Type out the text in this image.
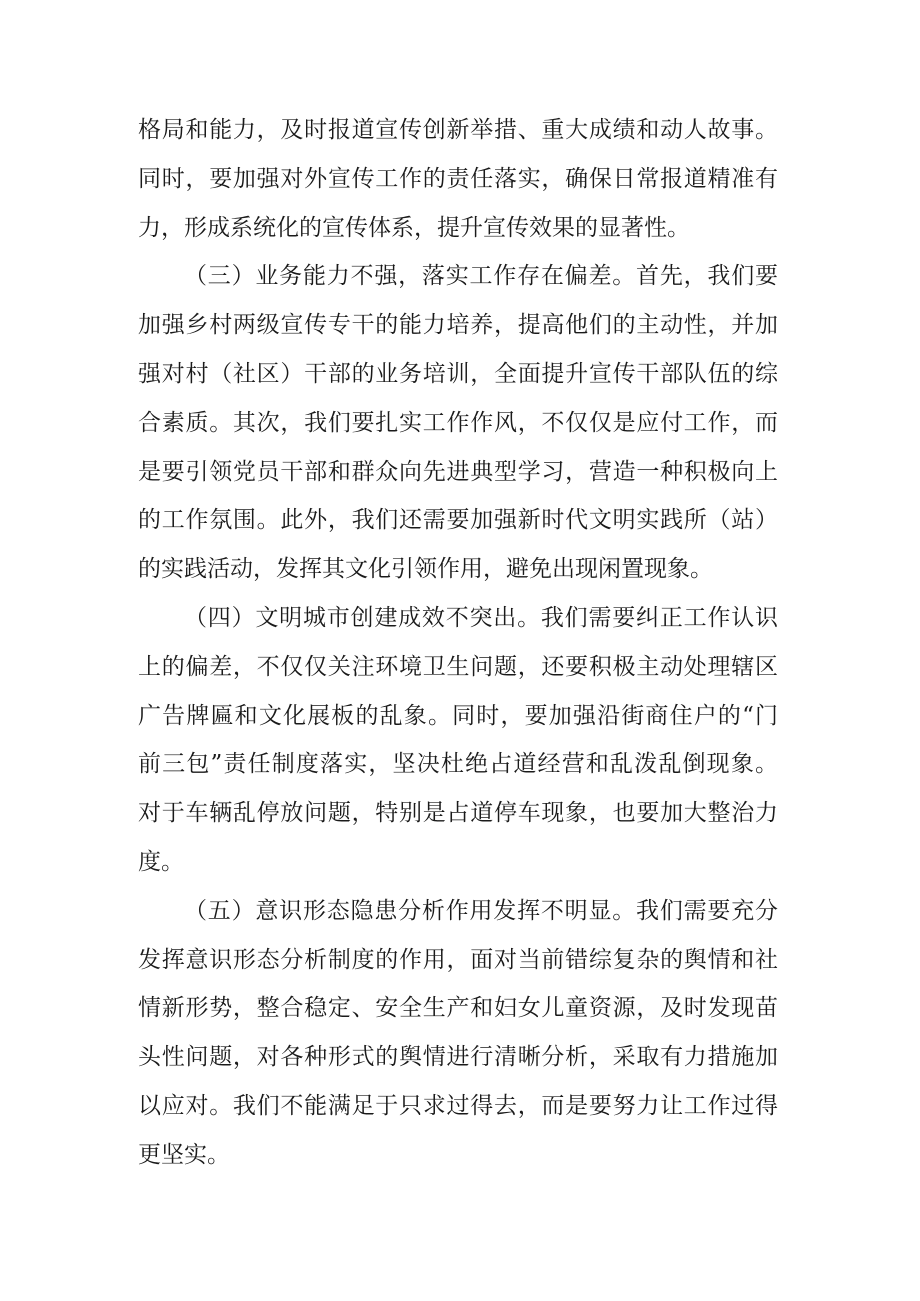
格局和能力，及时报道宣传创新举措、重大成绩和动人故事。
同时，要加强对外宣传工作的责任落实，确保日常报道精准有
力，形成系统化的宣传体系，提升宣传效果的显著性。
（三）业务能力不强，落实工作存在偏差。首先，我们要
加强乡村两级宣传专干的能力培养，提高他们的主动性，并加
强对村（社区）干部的业务培训，全面提升宣传干部队伍的综
合素质。其次，我们要扎实工作作风，不仅仅是应付工作，而
是要引领党员干部和群众向先进典型学习，营造一种积极向上
的工作氛围。此外，我们还需要加强新时代文明实践所（站）
的实践活动，发挥其文化引领作用，避免出现闲置现象。
（四）文明城市创建成效不突出。我们需要纠正工作认识
上的偏差，不仅仅关注环境卫生问题，还要积极主动处理辖区
广告牌匾和文化展板的乱象。同时，要加强沿街商住户的“门
前三包”责任制度落实，坚决杜绝占道经营和乱泼乱倒现象。
对于车辆乱停放问题，特别是占道停车现象，也要加大整治力
度。
（五）意识形态隐患分析作用发挥不明显。我们需要充分
发挥意识形态分析制度的作用，面对当前错综复杂的舆情和社
情新形势，整合稳定、安全生产和妇女儿童资源，及时发现苗
头性问题，对各种形式的舆情进行清晰分析，采取有力措施加
以应对。我们不能满足于只求过得去，而是要努力让工作过得
更坚实。
